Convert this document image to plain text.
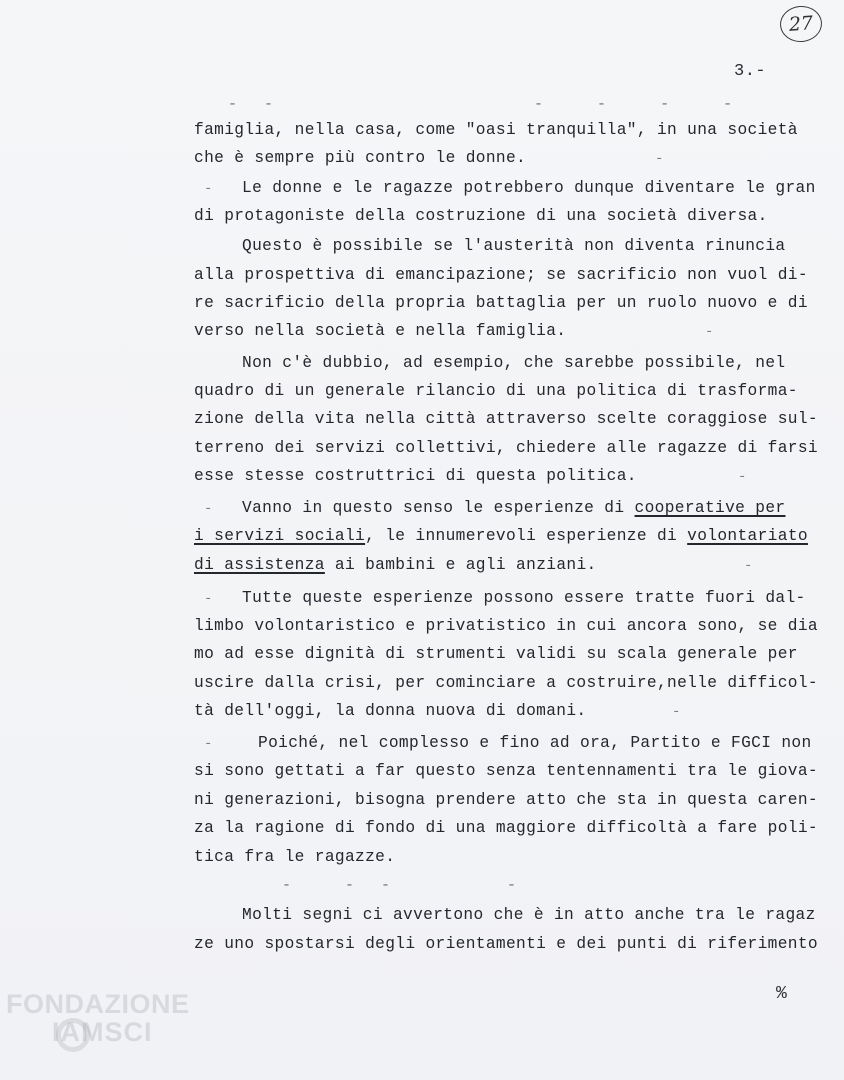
27
3.-
-   -                             -      -      -      -
famiglia, nella casa, come "oasi tranquilla", in una società
che è sempre più contro le donne.	-
- Le donne e le ragazze potrebbero dunque diventare le gran
di protagoniste della costruzione di una società diversa.
Questo è possibile se l'austerità non diventa rinuncia
alla prospettiva di emancipazione; se sacrificio non vuol di-
re sacrificio della propria battaglia per un ruolo nuovo e di
verso nella società e nella famiglia.	-
Non c'è dubbio, ad esempio, che sarebbe possibile, nel
quadro di un generale rilancio di una politica di trasforma-
zione della vita nella città attraverso scelte coraggiose sul-
terreno dei servizi collettivi, chiedere alle ragazze di farsi
esse stesse costruttrici di questa politica.	-
- Vanno in questo senso le esperienze di cooperative per
i servizi sociali, le innumerevoli esperienze di volontariato
di assistenza ai bambini e agli anziani.	-
- Tutte queste esperienze possono essere tratte fuori dal-
limbo volontaristico e privatistico in cui ancora sono, se dia
mo ad esse dignità di strumenti validi su scala generale per
uscire dalla crisi, per cominciare a costruire,nelle difficol-
tà dell'oggi, la donna nuova di domani.	-
-	Poiché, nel complesso e fino ad ora, Partito e FGCI non
si sono gettati a far questo senza tentennamenti tra le giova-
ni generazioni, bisogna prendere atto che sta in questa caren-
za la ragione di fondo di una maggiore difficoltà a fare poli-
tica fra le ragazze.
-      -   -             -
Molti segni ci avvertono che è in atto anche tra le ragaz
ze uno spostarsi degli orientamenti e dei punti di riferimento
%
FONDAZIONE
IAMSCI
